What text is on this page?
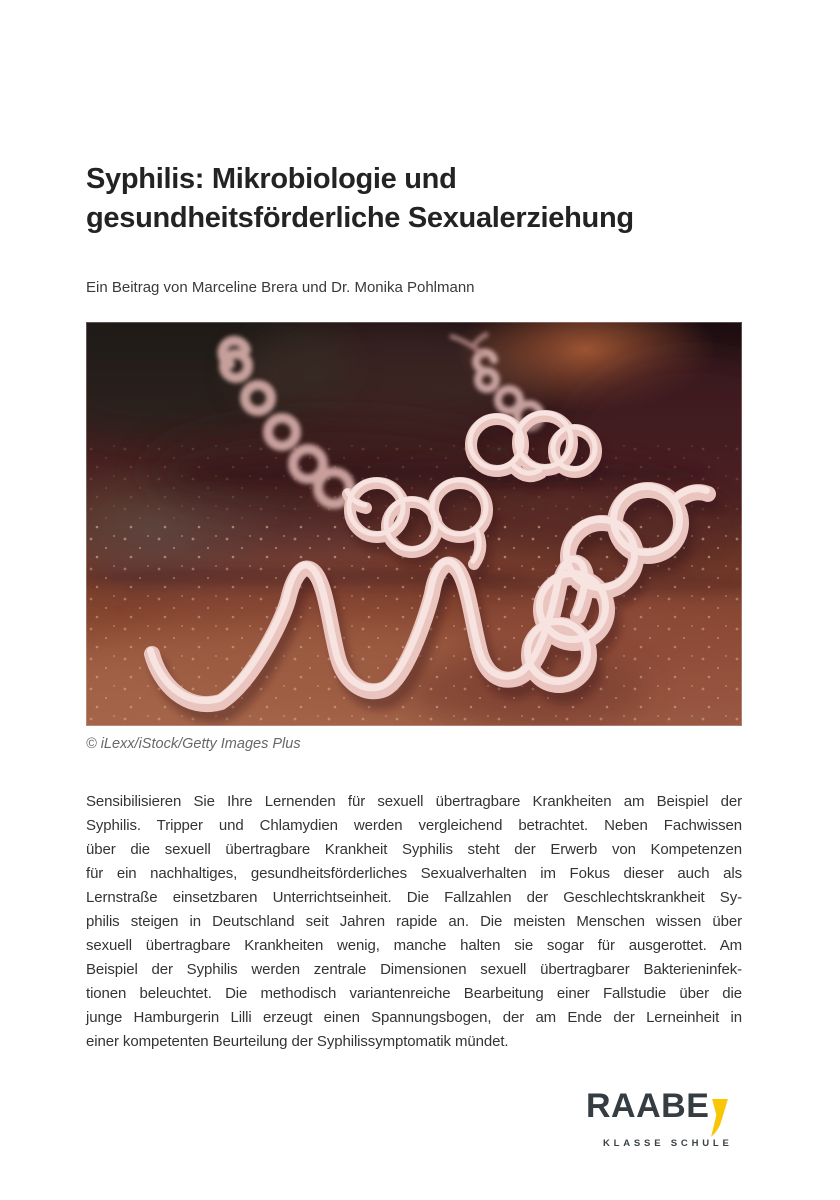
Syphilis: Mikrobiologie und
gesundheitsförderliche Sexualerziehung
Ein Beitrag von Marceline Brera und Dr. Monika Pohlmann
© iLexx/iStock/Getty Images Plus
Sensibilisieren Sie Ihre Lernenden für sexuell übertragbare Krankheiten am Beispiel der
Syphilis. Tripper und Chlamydien werden vergleichend betrachtet. Neben Fachwissen
über die sexuell übertragbare Krankheit Syphilis steht der Erwerb von Kompetenzen
für ein nachhaltiges, gesundheitsförderliches Sexualverhalten im Fokus dieser auch als
Lernstraße einsetzbaren Unterrichtseinheit. Die Fallzahlen der Geschlechtskrankheit Sy-
philis steigen in Deutschland seit Jahren rapide an. Die meisten Menschen wissen über
sexuell übertragbare Krankheiten wenig, manche halten sie sogar für ausgerottet. Am
Beispiel der Syphilis werden zentrale Dimensionen sexuell übertragbarer Bakterieninfek-
tionen beleuchtet. Die methodisch variantenreiche Bearbeitung einer Fallstudie über die
junge Hamburgerin Lilli erzeugt einen Spannungsbogen, der am Ende der Lerneinheit in
einer kompetenten Beurteilung der Syphilissymptomatik mündet.
RAABE
KLASSE SCHULE
